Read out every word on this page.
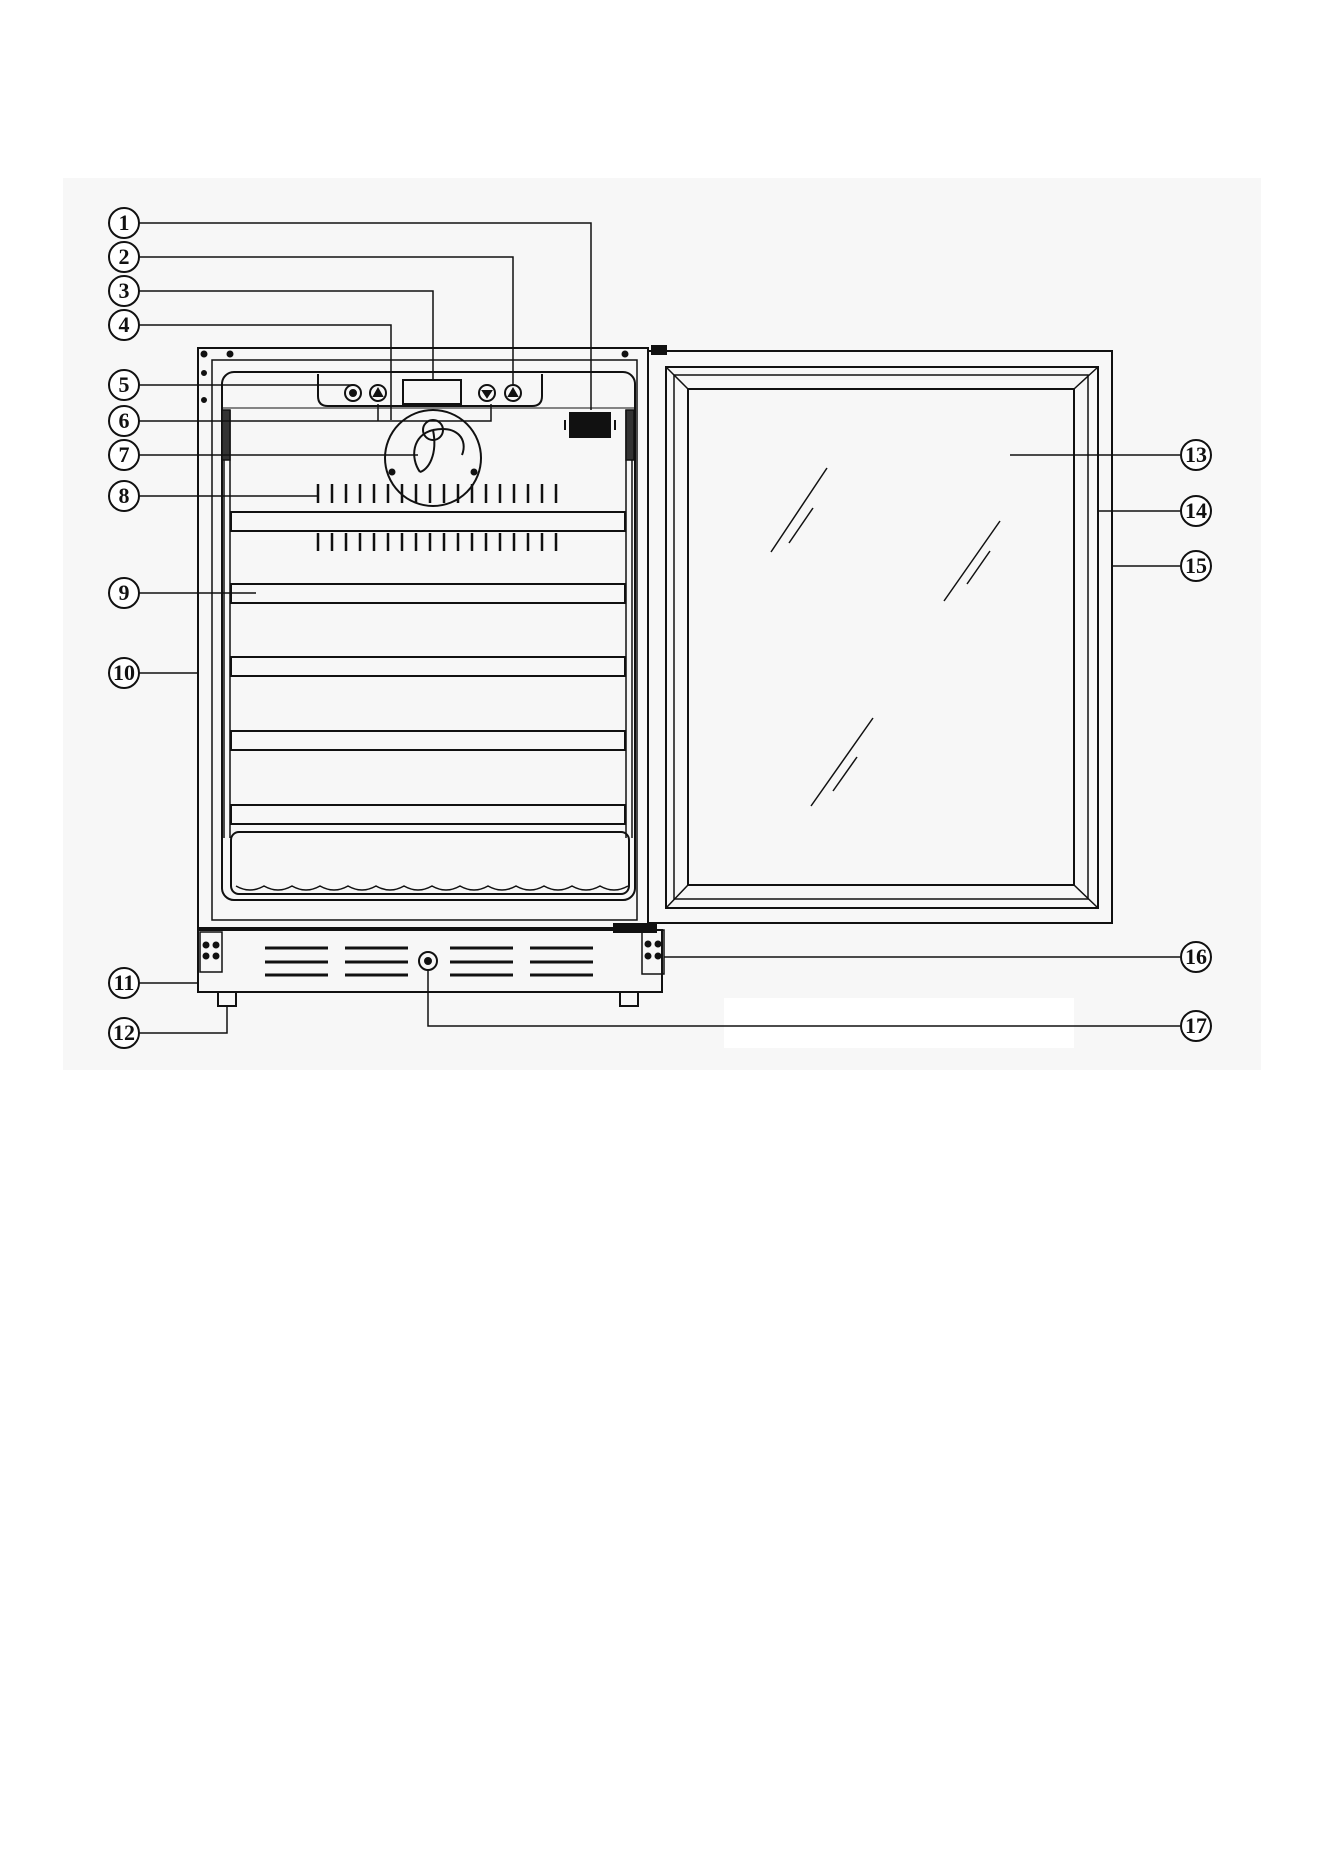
1
2
3
4
5
6
7
8
9
10
11
12
13
14
15
16
17
